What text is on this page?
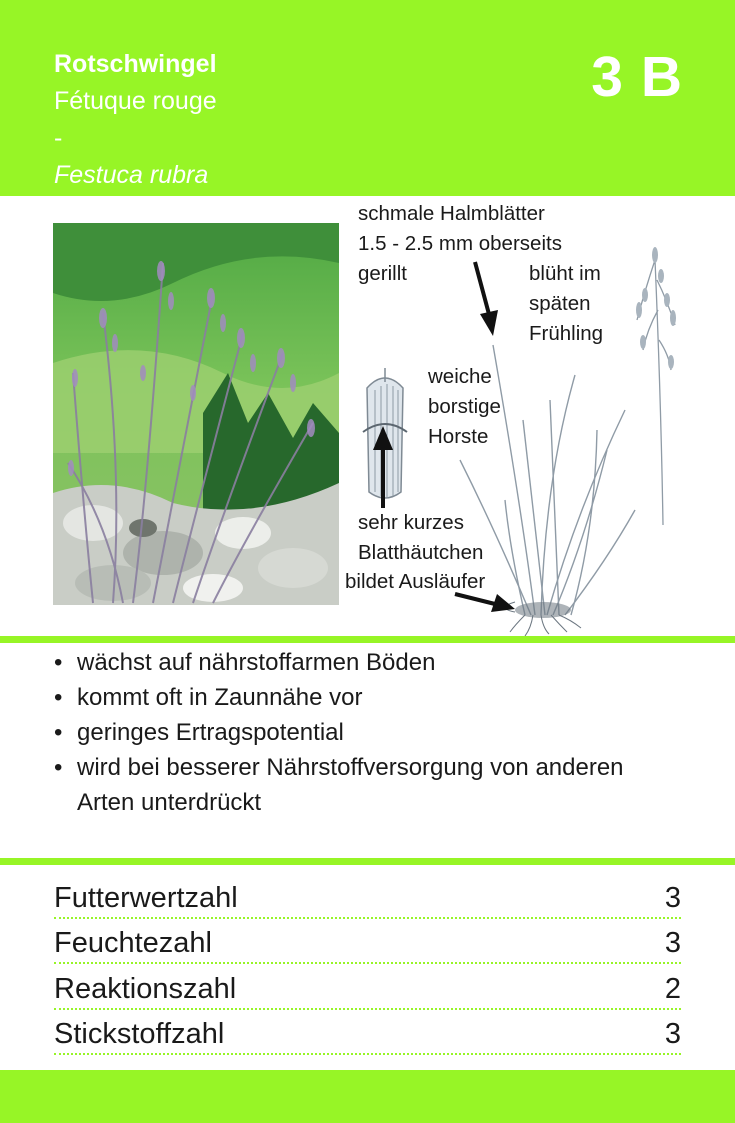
Rotschwingel
Fétuque rouge
-
Festuca rubra
3 B
schmale Halmblätter
1.5 - 2.5 mm oberseits
gerillt	blüht im
späten
Frühling
weiche
borstige
Horste
sehr kurzes
Blatthäutchen
bildet Ausläufer
• wächst auf nährstoffarmen Böden
• kommt oft in Zaunnähe vor
• geringes Ertragspotential
• wird bei besserer Nährstoffversorgung von anderen Arten unterdrückt
Futterwertzahl	3
Feuchtezahl	3
Reaktionszahl	2
Stickstoffzahl	3
